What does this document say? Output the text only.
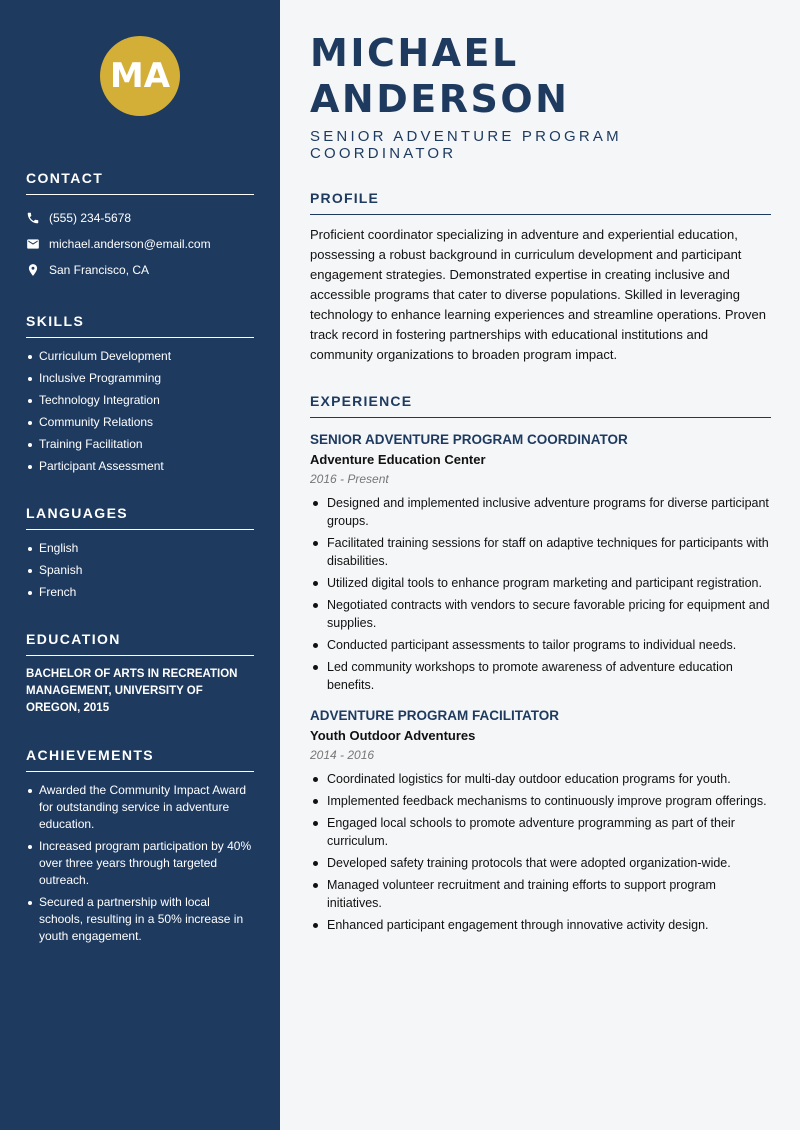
MA
CONTACT
(555) 234-5678
michael.anderson@email.com
San Francisco, CA
SKILLS
Curriculum Development
Inclusive Programming
Technology Integration
Community Relations
Training Facilitation
Participant Assessment
LANGUAGES
English
Spanish
French
EDUCATION
BACHELOR OF ARTS IN RECREATION MANAGEMENT, UNIVERSITY OF OREGON, 2015
ACHIEVEMENTS
Awarded the Community Impact Award for outstanding service in adventure education.
Increased program participation by 40% over three years through targeted outreach.
Secured a partnership with local schools, resulting in a 50% increase in youth engagement.
MICHAEL ANDERSON
SENIOR ADVENTURE PROGRAM COORDINATOR
PROFILE

Proficient coordinator specializing in adventure and experiential education, possessing a robust background in curriculum development and participant engagement strategies. Demonstrated expertise in creating inclusive and accessible programs that cater to diverse populations. Skilled in leveraging technology to enhance learning experiences and streamline operations. Proven track record in fostering partnerships with educational institutions and community organizations to broaden program impact.

EXPERIENCE
SENIOR ADVENTURE PROGRAM COORDINATOR
Adventure Education Center
2016 - Present
Designed and implemented inclusive adventure programs for diverse participant groups.
Facilitated training sessions for staff on adaptive techniques for participants with disabilities.
Utilized digital tools to enhance program marketing and participant registration.
Negotiated contracts with vendors to secure favorable pricing for equipment and supplies.
Conducted participant assessments to tailor programs to individual needs.
Led community workshops to promote awareness of adventure education benefits.
ADVENTURE PROGRAM FACILITATOR
Youth Outdoor Adventures
2014 - 2016
Coordinated logistics for multi-day outdoor education programs for youth.
Implemented feedback mechanisms to continuously improve program offerings.
Engaged local schools to promote adventure programming as part of their curriculum.
Developed safety training protocols that were adopted organization-wide.
Managed volunteer recruitment and training efforts to support program initiatives.
Enhanced participant engagement through innovative activity design.
